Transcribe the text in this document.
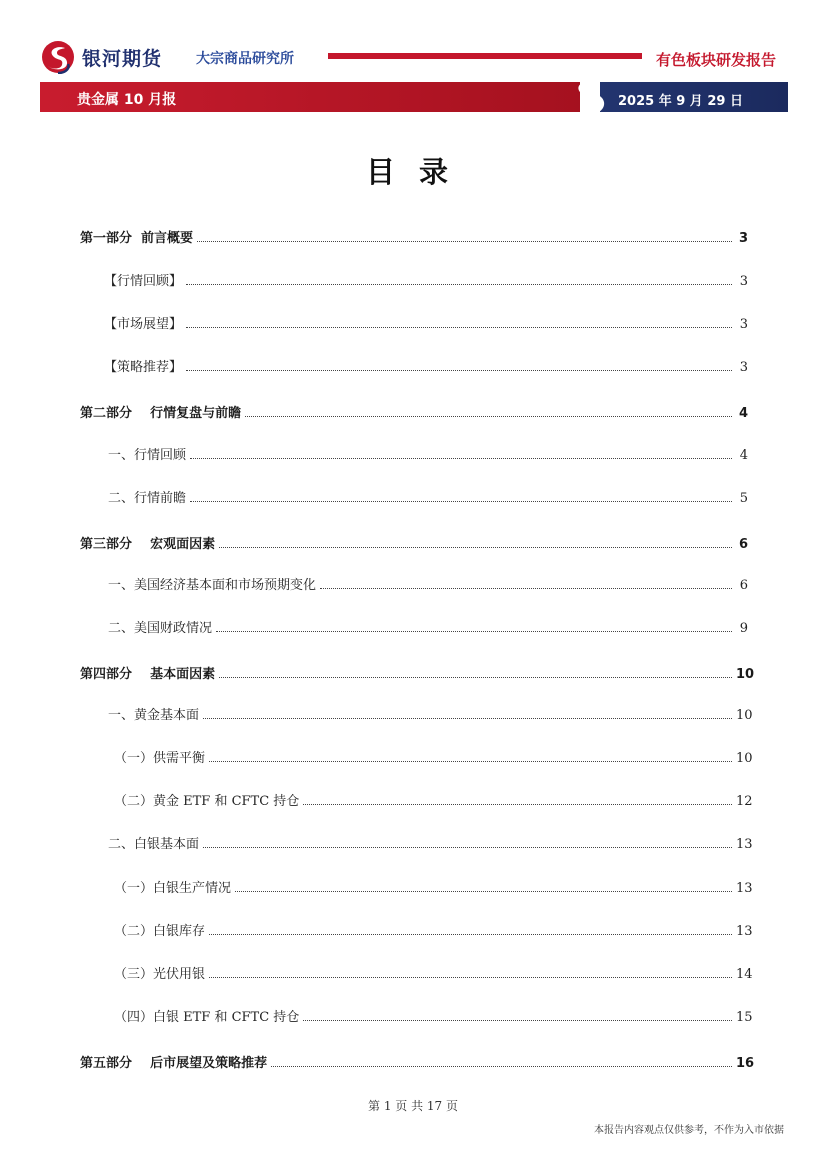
银河期货 大宗商品研究所	有色板块研发报告
贵金属 10 月报	2025 年 9 月 29 日
目录
第一部分  前言概要	3
【行情回顾】	3
【市场展望】	3
【策略推荐】	3
第二部分    行情复盘与前瞻	4
一、行情回顾	4
二、行情前瞻	5
第三部分    宏观面因素	6
一、美国经济基本面和市场预期变化	6
二、美国财政情况	9
第四部分    基本面因素	10
一、黄金基本面	10
（一）供需平衡	10
（二）黄金 ETF 和 CFTC 持仓	12
二、白银基本面	13
（一）白银生产情况	13
（二）白银库存	13
（三）光伏用银	14
（四）白银 ETF 和 CFTC 持仓	15
第五部分    后市展望及策略推荐	16
第 1 页 共 17 页
本报告内容观点仅供参考，不作为入市依据
